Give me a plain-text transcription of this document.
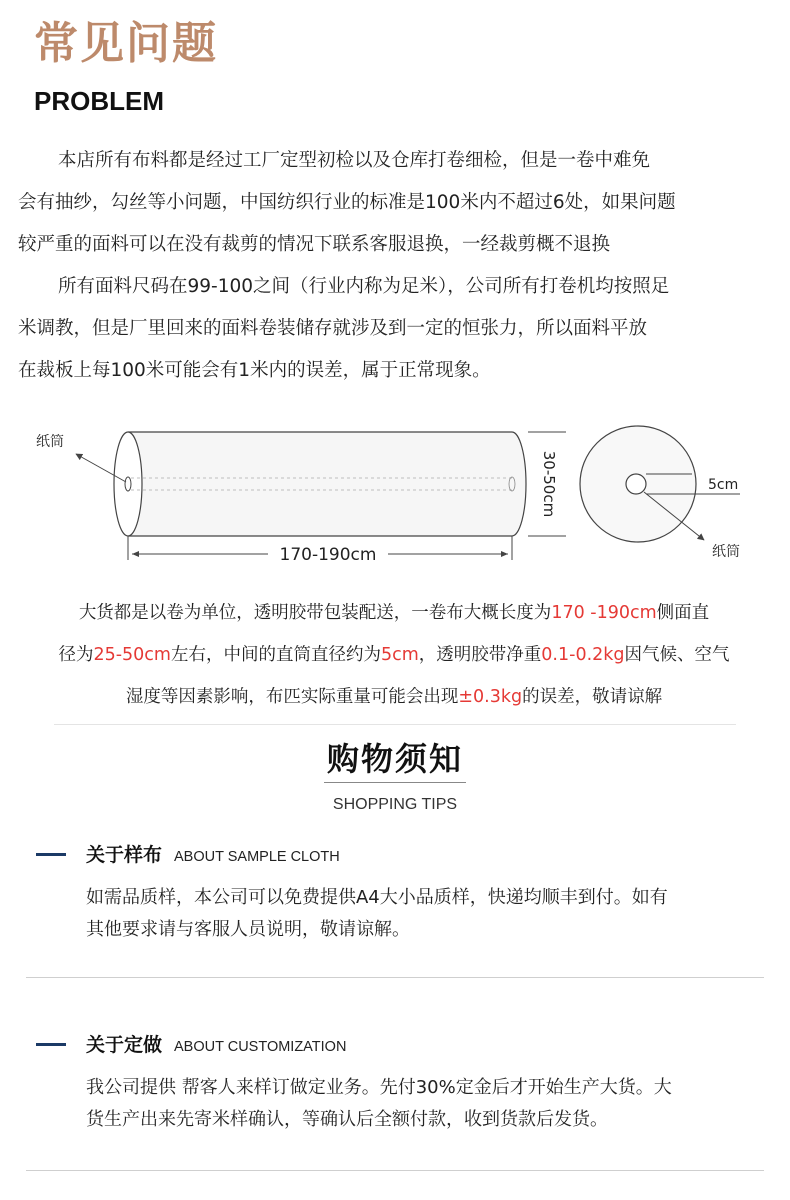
常见问题
PROBLEM

本店所有布料都是经过工厂定型初检以及仓库打卷细检，但是一卷中难免
会有抽纱，勾丝等小问题，中国纺织行业的标准是100米内不超过6处，如果问题
较严重的面料可以在没有裁剪的情况下联系客服退换，一经裁剪概不退换

所有面料尺码在99-100之间（行业内称为足米），公司所有打卷机均按照足
米调教，但是厂里回来的面料卷装储存就涉及到一定的恒张力，所以面料平放
在裁板上每100米可能会有1米内的误差，属于正常现象。

纸筒
170-190cm
30-50cm	5cm
纸筒

大货都是以卷为单位，透明胶带包装配送，一卷布大概长度为170 -190cm侧面直
径为25-50cm左右，中间的直筒直径约为5cm，透明胶带净重0.1-0.2kg因气候、空气
湿度等因素影响，布匹实际重量可能会出现±0.3kg的误差，敬请谅解

购物须知

SHOPPING TIPS

关于样布 ABOUT SAMPLE CLOTH

如需品质样，本公司可以免费提供A4大小品质样，快递均顺丰到付。如有
其他要求请与客服人员说明，敬请谅解。

关于定做 ABOUT CUSTOMIZATION

我公司提供 帮客人来样订做定业务。先付30%定金后才开始生产大货。大
货生产出来先寄米样确认，等确认后全额付款，收到货款后发货。
